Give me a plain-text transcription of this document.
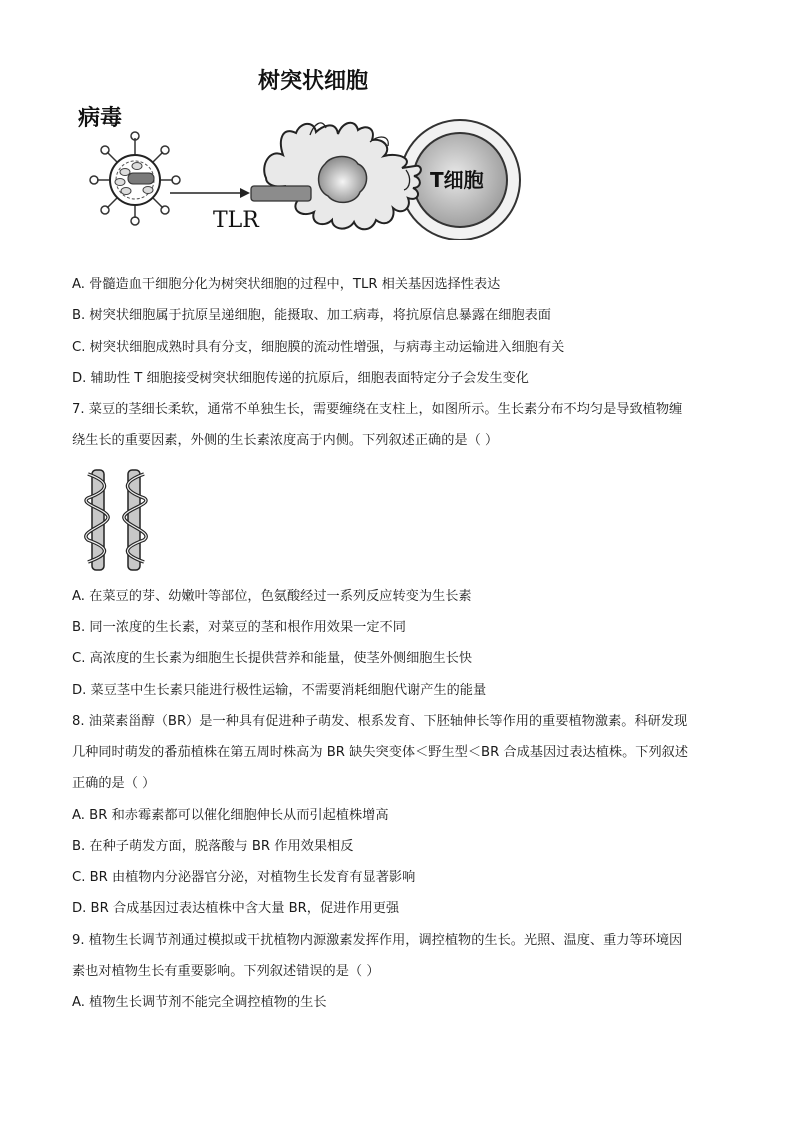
病毒
T细胞
树突状细胞
TLR
A. 骨髓造血干细胞分化为树突状细胞的过程中，TLR 相关基因选择性表达
B. 树突状细胞属于抗原呈递细胞，能摄取、加工病毒，将抗原信息暴露在细胞表面
C. 树突状细胞成熟时具有分支，细胞膜的流动性增强，与病毒主动运输进入细胞有关
D. 辅助性 T 细胞接受树突状细胞传递的抗原后，细胞表面特定分子会发生变化
7. 菜豆的茎细长柔软，通常不单独生长，需要缠绕在支柱上，如图所示。生长素分布不均匀是导致植物缠
绕生长的重要因素，外侧的生长素浓度高于内侧。下列叙述正确的是（ ）
A. 在菜豆的芽、幼嫩叶等部位，色氨酸经过一系列反应转变为生长素
B. 同一浓度的生长素，对菜豆的茎和根作用效果一定不同
C. 高浓度的生长素为细胞生长提供营养和能量，使茎外侧细胞生长快
D. 菜豆茎中生长素只能进行极性运输，不需要消耗细胞代谢产生的能量
8. 油菜素甾醇（BR）是一种具有促进种子萌发、根系发育、下胚轴伸长等作用的重要植物激素。科研发现
几种同时萌发的番茄植株在第五周时株高为 BR 缺失突变体＜野生型＜BR 合成基因过表达植株。下列叙述
正确的是（ ）
A. BR 和赤霉素都可以催化细胞伸长从而引起植株增高
B. 在种子萌发方面，脱落酸与 BR 作用效果相反
C. BR 由植物内分泌器官分泌，对植物生长发育有显著影响
D. BR 合成基因过表达植株中含大量 BR，促进作用更强
9. 植物生长调节剂通过模拟或干扰植物内源激素发挥作用，调控植物的生长。光照、温度、重力等环境因
素也对植物生长有重要影响。下列叙述错误的是（ ）
A. 植物生长调节剂不能完全调控植物的生长
